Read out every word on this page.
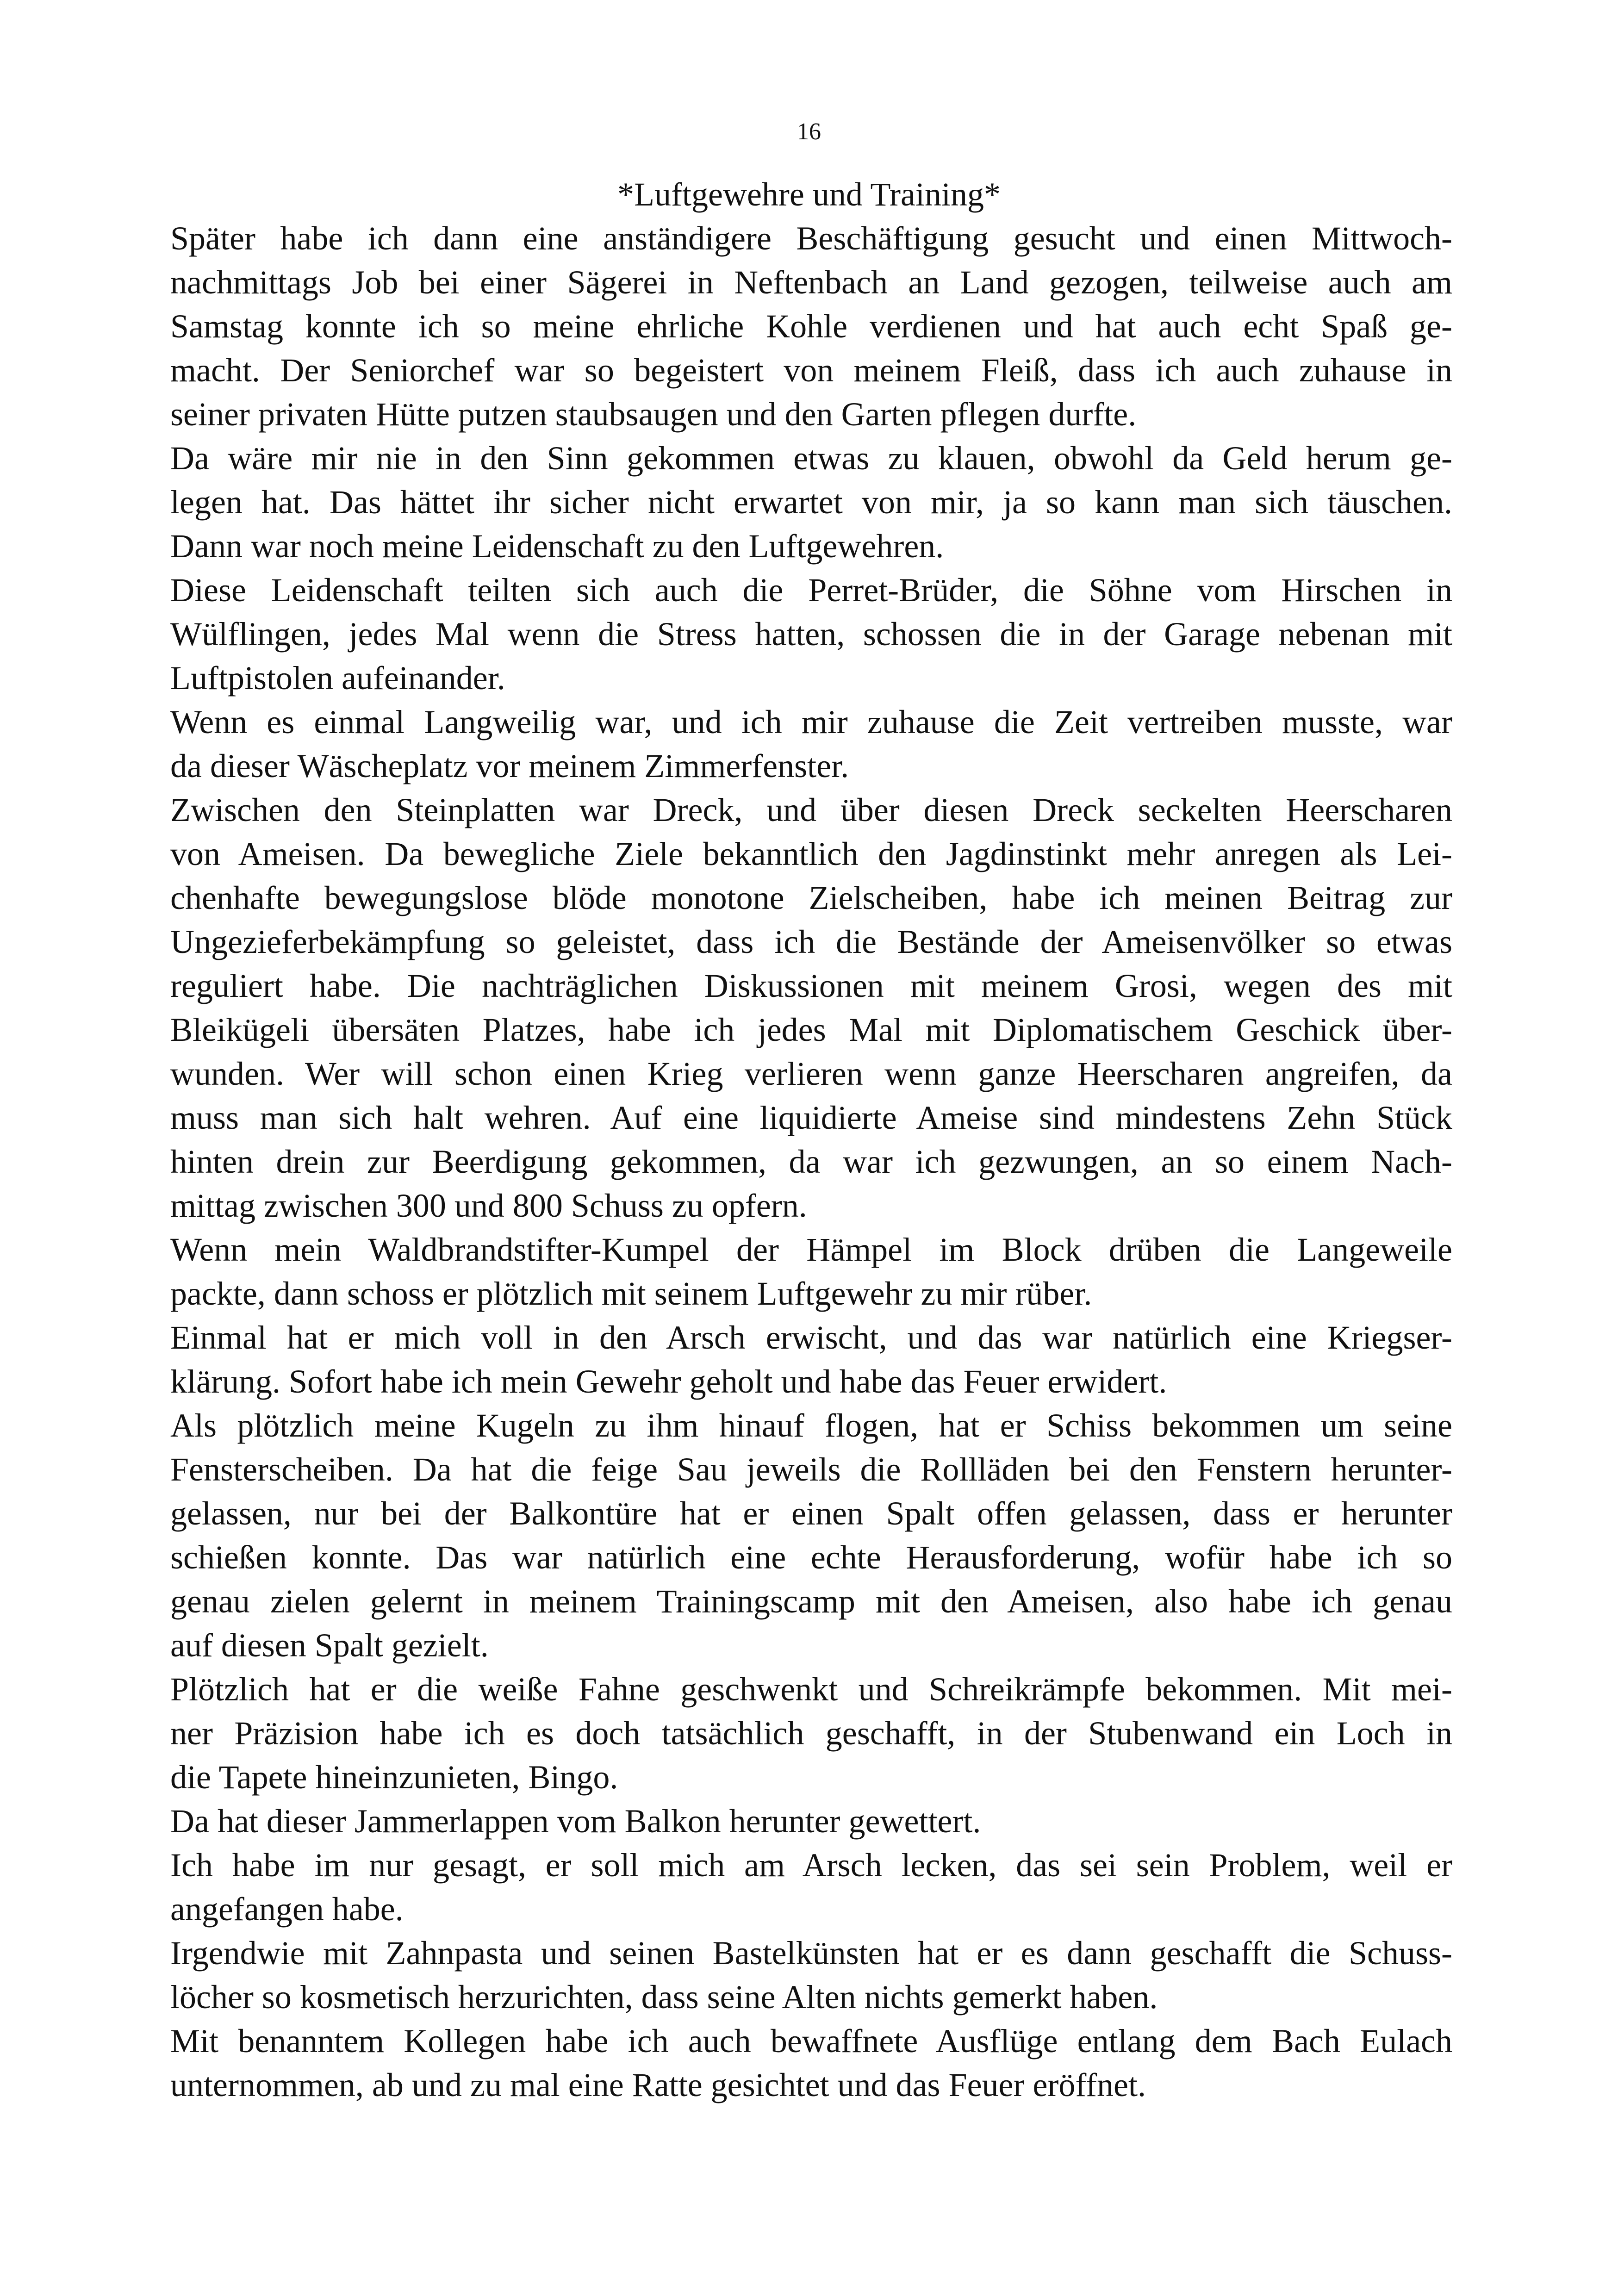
16
*Luftgewehre und Training*
Später habe ich dann eine anständigere Beschäftigung gesucht und einen Mittwoch-
nachmittags Job bei einer Sägerei in Neftenbach an Land gezogen, teilweise auch am
Samstag konnte ich so meine ehrliche Kohle verdienen und hat auch echt Spaß ge-
macht. Der Seniorchef war so begeistert von meinem Fleiß, dass ich auch zuhause in
seiner privaten Hütte putzen staubsaugen und den Garten pflegen durfte.
Da wäre mir nie in den Sinn gekommen etwas zu klauen, obwohl da Geld herum ge-
legen hat. Das hättet ihr sicher nicht erwartet von mir, ja so kann man sich täuschen.
Dann war noch meine Leidenschaft zu den Luftgewehren.
Diese Leidenschaft teilten sich auch die Perret-Brüder, die Söhne vom Hirschen in
Wülflingen, jedes Mal wenn die Stress hatten, schossen die in der Garage nebenan mit
Luftpistolen aufeinander.
Wenn es einmal Langweilig war, und ich mir zuhause die Zeit vertreiben musste, war
da dieser Wäscheplatz vor meinem Zimmerfenster.
Zwischen den Steinplatten war Dreck, und über diesen Dreck seckelten Heerscharen
von Ameisen. Da bewegliche Ziele bekanntlich den Jagdinstinkt mehr anregen als Lei-
chenhafte bewegungslose blöde monotone Zielscheiben, habe ich meinen Beitrag zur
Ungezieferbekämpfung so geleistet, dass ich die Bestände der Ameisenvölker so etwas
reguliert habe. Die nachträglichen Diskussionen mit meinem Grosi, wegen des mit
Bleikügeli übersäten Platzes, habe ich jedes Mal mit Diplomatischem Geschick über-
wunden. Wer will schon einen Krieg verlieren wenn ganze Heerscharen angreifen, da
muss man sich halt wehren. Auf eine liquidierte Ameise sind mindestens Zehn Stück
hinten drein zur Beerdigung gekommen, da war ich gezwungen, an so einem Nach-
mittag zwischen 300 und 800 Schuss zu opfern.
Wenn mein Waldbrandstifter-Kumpel der Hämpel im Block drüben die Langeweile
packte, dann schoss er plötzlich mit seinem Luftgewehr zu mir rüber.
Einmal hat er mich voll in den Arsch erwischt, und das war natürlich eine Kriegser-
klärung. Sofort habe ich mein Gewehr geholt und habe das Feuer erwidert.
Als plötzlich meine Kugeln zu ihm hinauf flogen, hat er Schiss bekommen um seine
Fensterscheiben. Da hat die feige Sau jeweils die Rollläden bei den Fenstern herunter-
gelassen, nur bei der Balkontüre hat er einen Spalt offen gelassen, dass er herunter
schießen konnte. Das war natürlich eine echte Herausforderung, wofür habe ich so
genau zielen gelernt in meinem Trainingscamp mit den Ameisen, also habe ich genau
auf diesen Spalt gezielt.
Plötzlich hat er die weiße Fahne geschwenkt und Schreikrämpfe bekommen. Mit mei-
ner Präzision habe ich es doch tatsächlich geschafft, in der Stubenwand ein Loch in
die Tapete hineinzunieten, Bingo.
Da hat dieser Jammerlappen vom Balkon herunter gewettert.
Ich habe im nur gesagt, er soll mich am Arsch lecken, das sei sein Problem, weil er
angefangen habe.
Irgendwie mit Zahnpasta und seinen Bastelkünsten hat er es dann geschafft die Schuss-
löcher so kosmetisch herzurichten, dass seine Alten nichts gemerkt haben.
Mit benanntem Kollegen habe ich auch bewaffnete Ausflüge entlang dem Bach Eulach
unternommen, ab und zu mal eine Ratte gesichtet und das Feuer eröffnet.
